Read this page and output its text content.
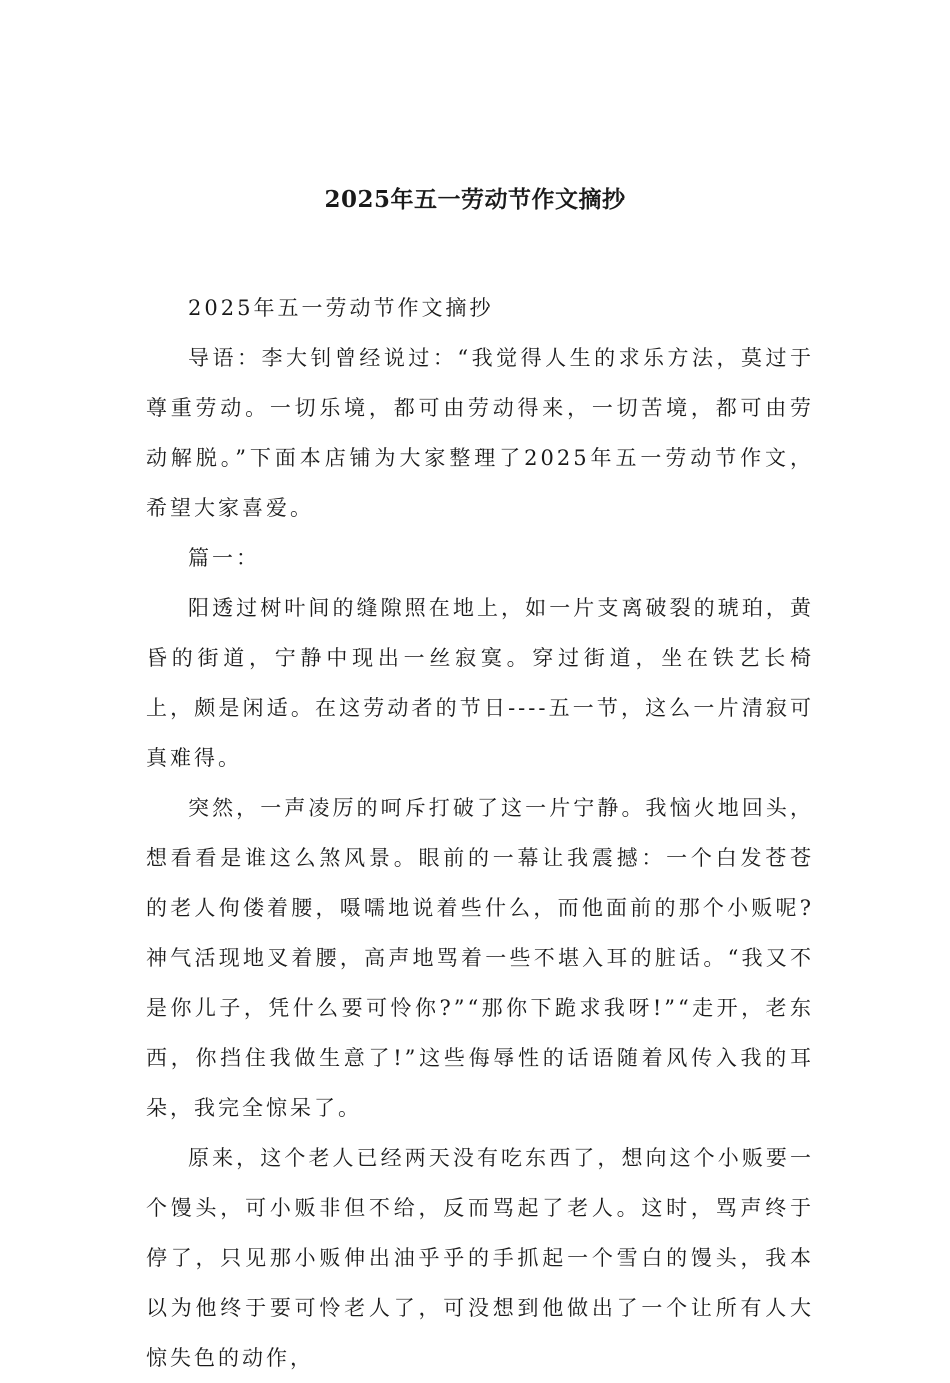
2025年五一劳动节作文摘抄

2025年五一劳动节作文摘抄

导语：李大钊曾经说过：“我觉得人生的求乐方法，莫过于尊重劳动。一切乐境，都可由劳动得来，一切苦境，都可由劳动解脱。”下面本店铺为大家整理了2025年五一劳动节作文，希望大家喜爱。

篇一：

阳透过树叶间的缝隙照在地上，如一片支离破裂的琥珀，黄昏的街道，宁静中现出一丝寂寞。穿过街道，坐在铁艺长椅上，颇是闲适。在这劳动者的节日----五一节，这么一片清寂可真难得。

突然，一声凌厉的呵斥打破了这一片宁静。我恼火地回头，想看看是谁这么煞风景。眼前的一幕让我震撼：一个白发苍苍的老人佝偻着腰，嗫嚅地说着些什么，而他面前的那个小贩呢?神气活现地叉着腰，高声地骂着一些不堪入耳的脏话。“我又不是你儿子，凭什么要可怜你?”“那你下跪求我呀!”“走开，老东西，你挡住我做生意了!”这些侮辱性的话语随着风传入我的耳朵，我完全惊呆了。

原来，这个老人已经两天没有吃东西了，想向这个小贩要一个馒头，可小贩非但不给，反而骂起了老人。这时，骂声终于停了，只见那小贩伸出油乎乎的手抓起一个雪白的馒头，我本以为他终于要可怜老人了，可没想到他做出了一个让所有人大惊失色的动作，
